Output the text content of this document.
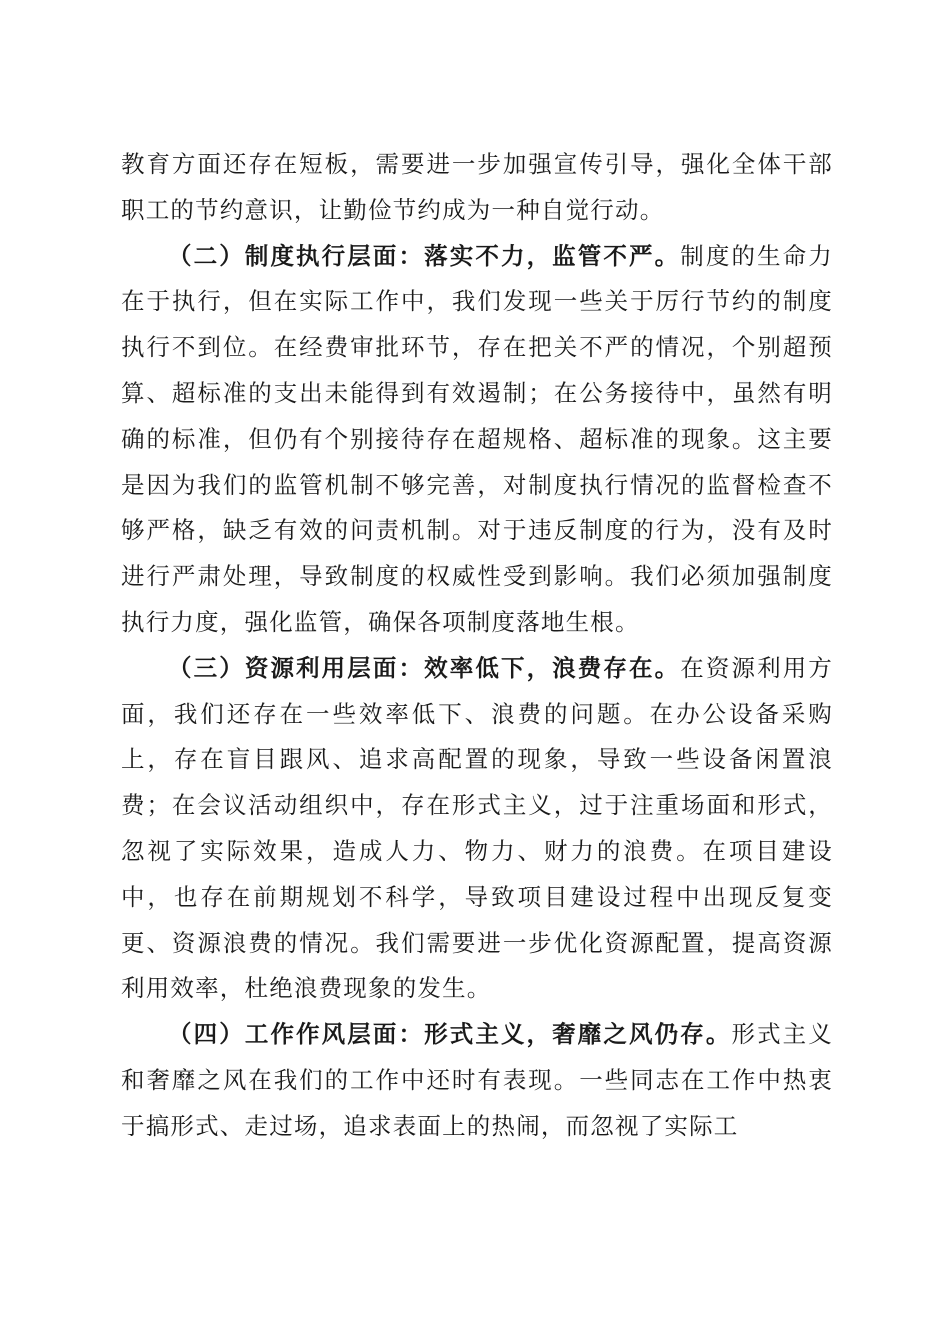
教育方面还存在短板，需要进一步加强宣传引导，强化全体干部职工的节约意识，让勤俭节约成为一种自觉行动。

（二）制度执行层面：落实不力，监管不严。制度的生命力在于执行，但在实际工作中，我们发现一些关于厉行节约的制度执行不到位。在经费审批环节，存在把关不严的情况，个别超预算、超标准的支出未能得到有效遏制；在公务接待中，虽然有明确的标准，但仍有个别接待存在超规格、超标准的现象。这主要是因为我们的监管机制不够完善，对制度执行情况的监督检查不够严格，缺乏有效的问责机制。对于违反制度的行为，没有及时进行严肃处理，导致制度的权威性受到影响。我们必须加强制度执行力度，强化监管，确保各项制度落地生根。

（三）资源利用层面：效率低下，浪费存在。在资源利用方面，我们还存在一些效率低下、浪费的问题。在办公设备采购上，存在盲目跟风、追求高配置的现象，导致一些设备闲置浪费；在会议活动组织中，存在形式主义，过于注重场面和形式，忽视了实际效果，造成人力、物力、财力的浪费。在项目建设中，也存在前期规划不科学，导致项目建设过程中出现反复变更、资源浪费的情况。我们需要进一步优化资源配置，提高资源利用效率，杜绝浪费现象的发生。

（四）工作作风层面：形式主义，奢靡之风仍存。形式主义和奢靡之风在我们的工作中还时有表现。一些同志在工作中热衷于搞形式、走过场，追求表面上的热闹，而忽视了实际工
